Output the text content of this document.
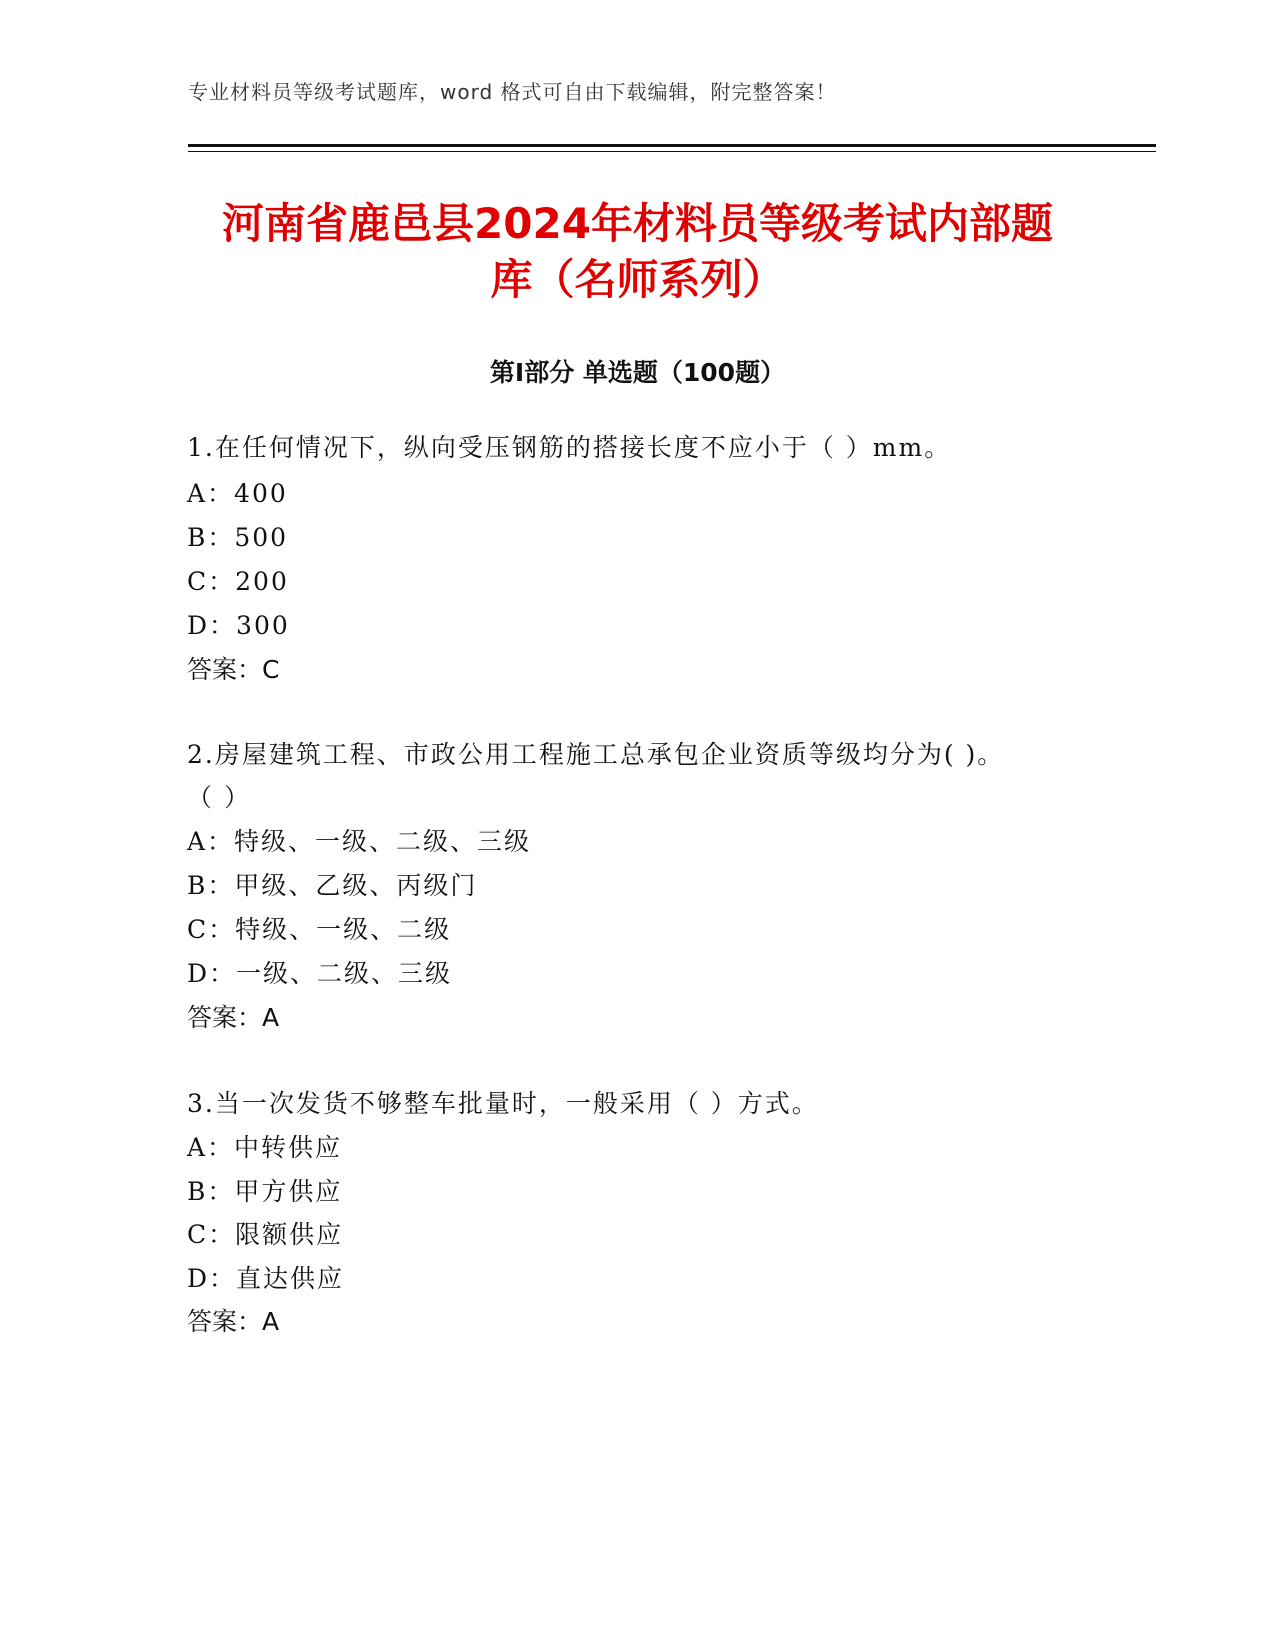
专业材料员等级考试题库，word 格式可自由下载编辑，附完整答案！
河南省鹿邑县2024年材料员等级考试内部题
库（名师系列）
第Ⅰ部分 单选题（100题）
1.在任何情况下，纵向受压钢筋的搭接长度不应小于（ ）mm。
A：400
B：500
C：200
D：300
答案：C
2.房屋建筑工程、市政公用工程施工总承包企业资质等级均分为( )。
（ ）
A：特级、一级、二级、三级
B：甲级、乙级、丙级门
C：特级、一级、二级
D：一级、二级、三级
答案：A
3.当一次发货不够整车批量时，一般采用（ ）方式。
A：中转供应
B：甲方供应
C：限额供应
D：直达供应
答案：A
